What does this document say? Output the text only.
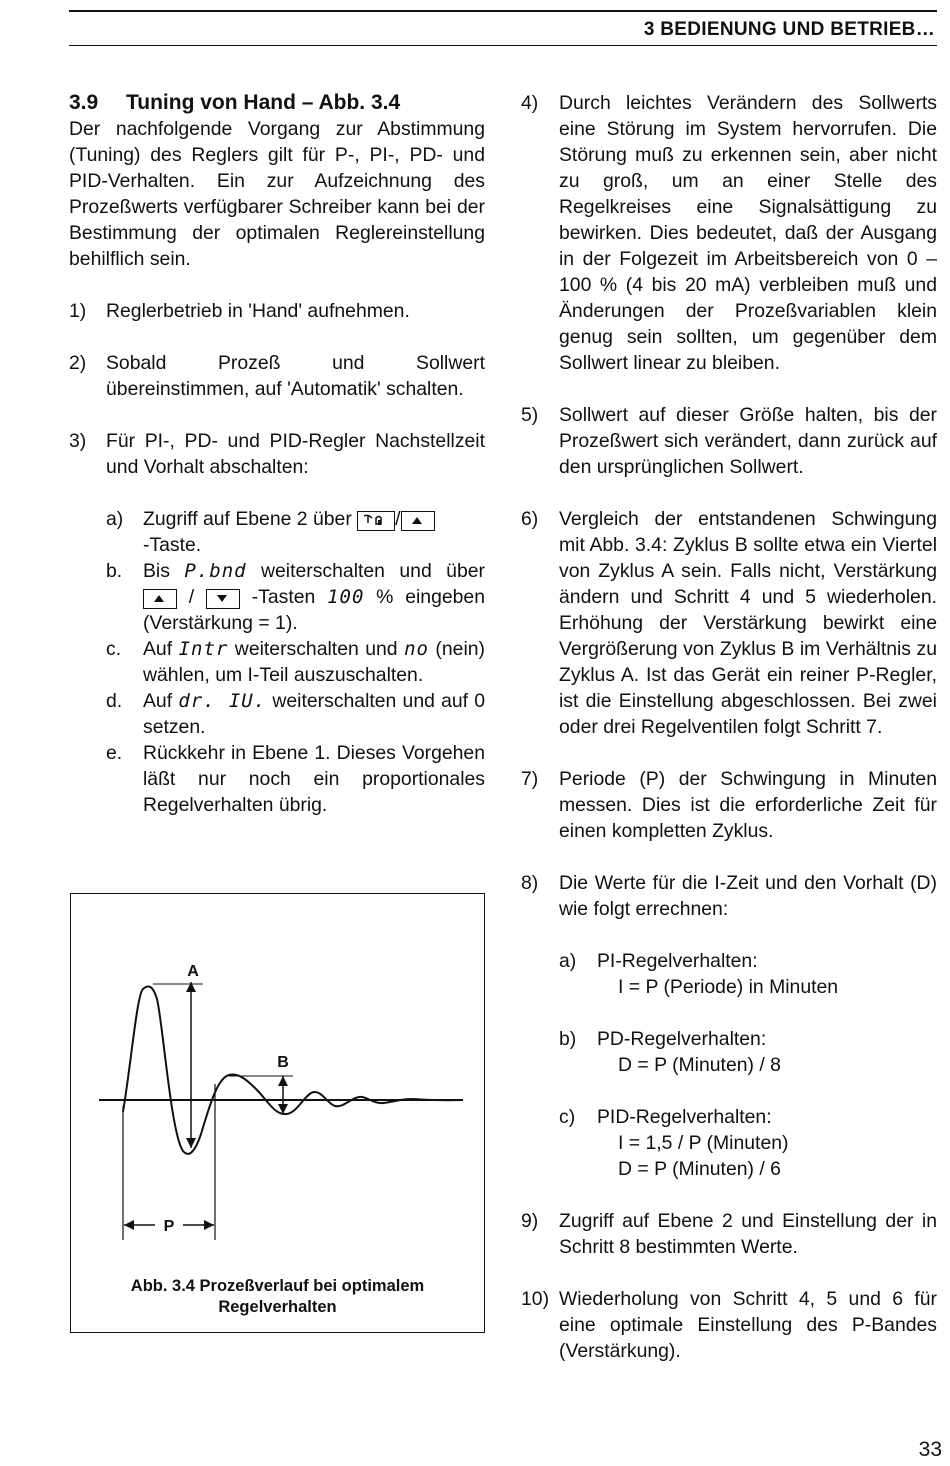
3 BEDIENUNG UND BETRIEB…
3.9 Tuning von Hand – Abb. 3.4

Der nachfolgende Vorgang zur Abstimmung (Tuning) des Reglers gilt für P-, PI-, PD- und PID-Verhalten. Ein zur Aufzeichnung des Prozeßwerts verfügbarer Schreiber kann bei der Bestimmung der optimalen Reglereinstellung behilflich sein.

1)	Reglerbetrieb in 'Hand' aufnehmen.
2)	Sobald Prozeß und Sollwert übereinstimmen, auf 'Automatik' schalten.
3)	Für PI-, PD- und PID-Regler Nachstellzeit und Vorhalt abschalten:
a)	Zugriff auf Ebene 2 über /
-Taste.
b.	Bis P.bnd weiterschalten und über  /  -Tasten 100 % eingeben (Verstärkung = 1).
c.	Auf Intr weiterschalten und no (nein) wählen, um I-Teil auszuschalten.
d.	Auf dr. IU. weiterschalten und auf 0 setzen.
e.	Rückkehr in Ebene 1. Dieses Vorgehen läßt nur noch ein proportionales Regelverhalten übrig.
A
B
P
Abb. 3.4 Prozeßverlauf bei optimalem
Regelverhalten
4)	Durch leichtes Verändern des Sollwerts eine Störung im System hervorrufen. Die Störung muß zu erkennen sein, aber nicht zu groß, um an einer Stelle des Regelkreises eine Signalsättigung zu bewirken. Dies bedeutet, daß der Ausgang in der Folgezeit im Arbeitsbereich von 0 – 100 % (4 bis 20 mA) verbleiben muß und Änderungen der Prozeßvariablen klein genug sein sollten, um gegenüber dem Sollwert linear zu bleiben.
5)	Sollwert auf dieser Größe halten, bis der Prozeßwert sich verändert, dann zurück auf den ursprünglichen Sollwert.
6)	Vergleich der entstandenen Schwingung mit Abb. 3.4: Zyklus B sollte etwa ein Viertel von Zyklus A sein. Falls nicht, Verstärkung ändern und Schritt 4 und 5 wiederholen. Erhöhung der Verstärkung bewirkt eine Vergrößerung von Zyklus B im Verhältnis zu Zyklus A. Ist das Gerät ein reiner P-Regler, ist die Einstellung abgeschlossen. Bei zwei oder drei Regelventilen folgt Schritt 7.
7)	Periode (P) der Schwingung in Minuten messen. Dies ist die erforderliche Zeit für einen kompletten Zyklus.
8)	Die Werte für die I-Zeit und den Vorhalt (D) wie folgt errechnen:
a)	PI-Regelverhalten:
I = P (Periode) in Minuten
b)	PD-Regelverhalten:
D = P (Minuten) / 8
c)	PID-Regelverhalten:
I = 1,5 / P (Minuten)
D = P (Minuten) / 6
9)	Zugriff auf Ebene 2 und Einstellung der in Schritt 8 bestimmten Werte.
10) Wiederholung von Schritt 4, 5 und 6 für eine optimale Einstellung des P-Bandes (Verstärkung).
33
